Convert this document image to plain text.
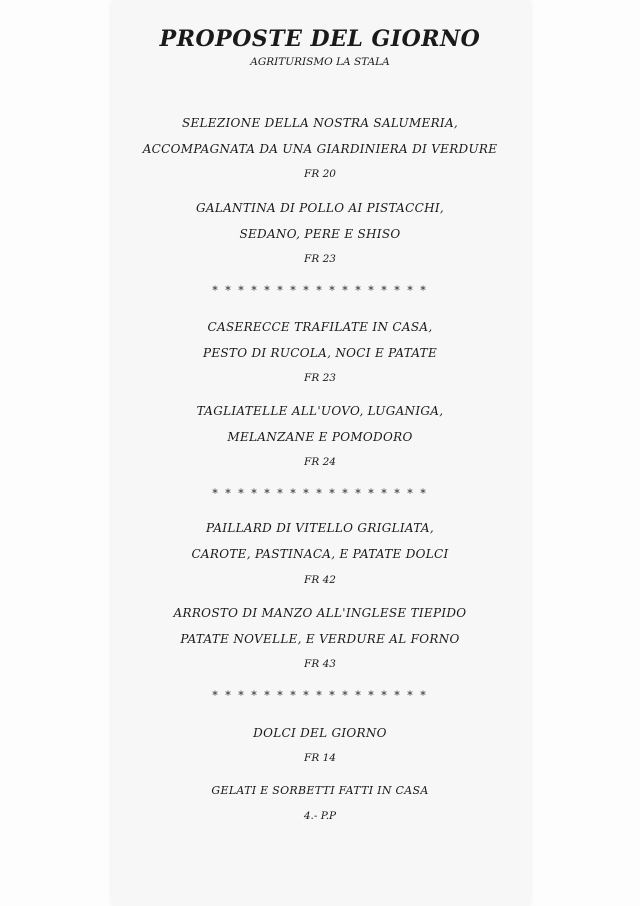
PROPOSTE DEL GIORNO
AGRITURISMO LA STALA
SELEZIONE DELLA NOSTRA SALUMERIA,
ACCOMPAGNATA DA UNA GIARDINIERA DI VERDURE
FR 20
GALANTINA DI POLLO AI PISTACCHI,
SEDANO, PERE E SHISO
FR 23
* * * * * * * * * * * * * * * * *
CASERECCE TRAFILATE IN CASA,
PESTO DI RUCOLA, NOCI E PATATE
FR 23
TAGLIATELLE ALL'UOVO, LUGANIGA,
MELANZANE E POMODORO
FR 24
* * * * * * * * * * * * * * * * *
PAILLARD DI VITELLO GRIGLIATA,
CAROTE, PASTINACA, E PATATE DOLCI
FR 42
ARROSTO DI MANZO ALL'INGLESE TIEPIDO
PATATE NOVELLE, E VERDURE AL FORNO
FR 43
* * * * * * * * * * * * * * * * *
DOLCI DEL GIORNO
FR 14
GELATI E SORBETTI FATTI IN CASA
4.- P.P
